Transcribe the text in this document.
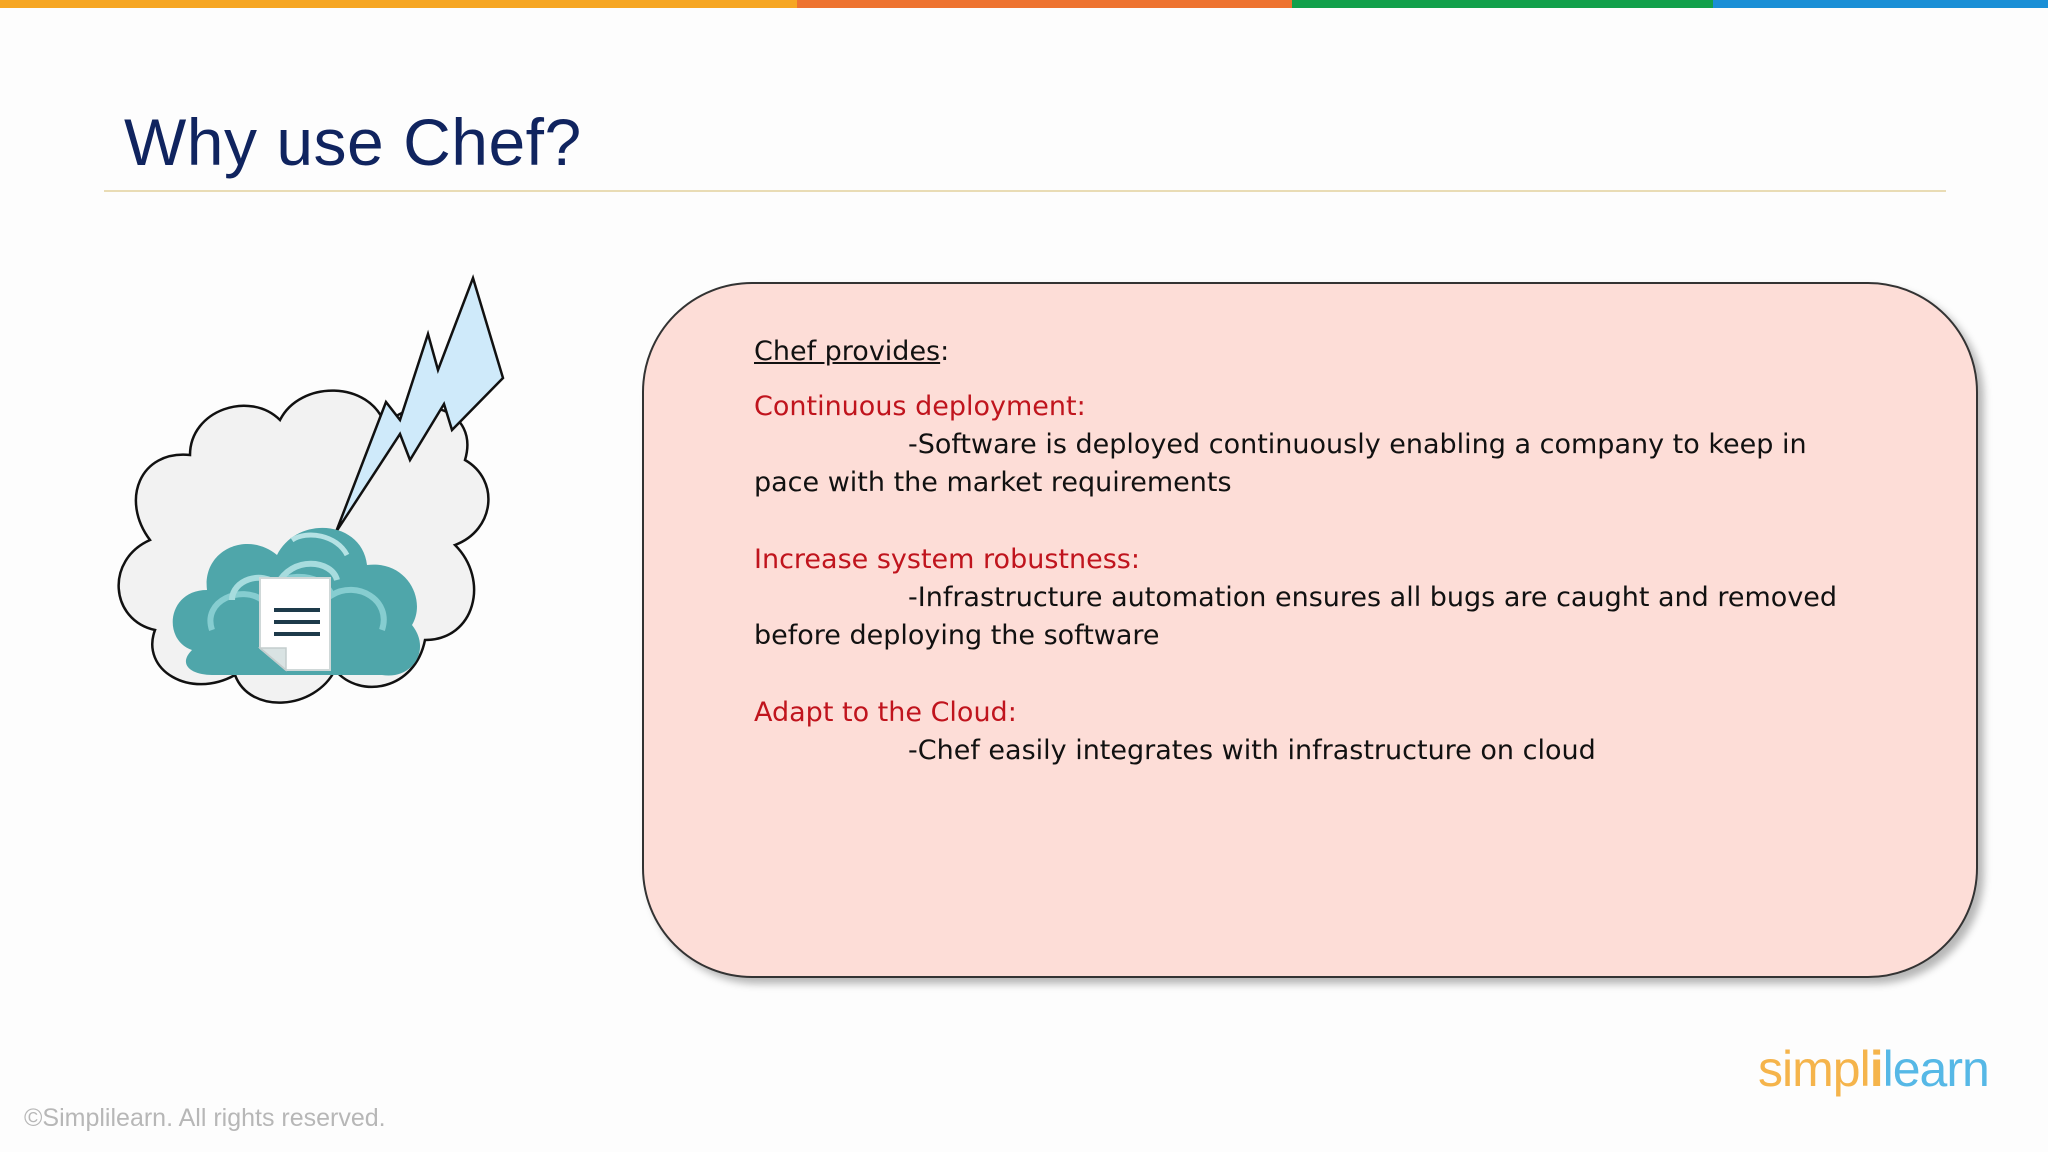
Why use Chef?

Chef provides:

Continuous deployment:

-Software is deployed continuously enabling a company to keep in pace with the market requirements

Increase system robustness:

-Infrastructure automation ensures all bugs are caught and removed before deploying the software

Adapt to the Cloud:

-Chef easily integrates with infrastructure on cloud

©Simplilearn. All rights reserved.
simplilearn
